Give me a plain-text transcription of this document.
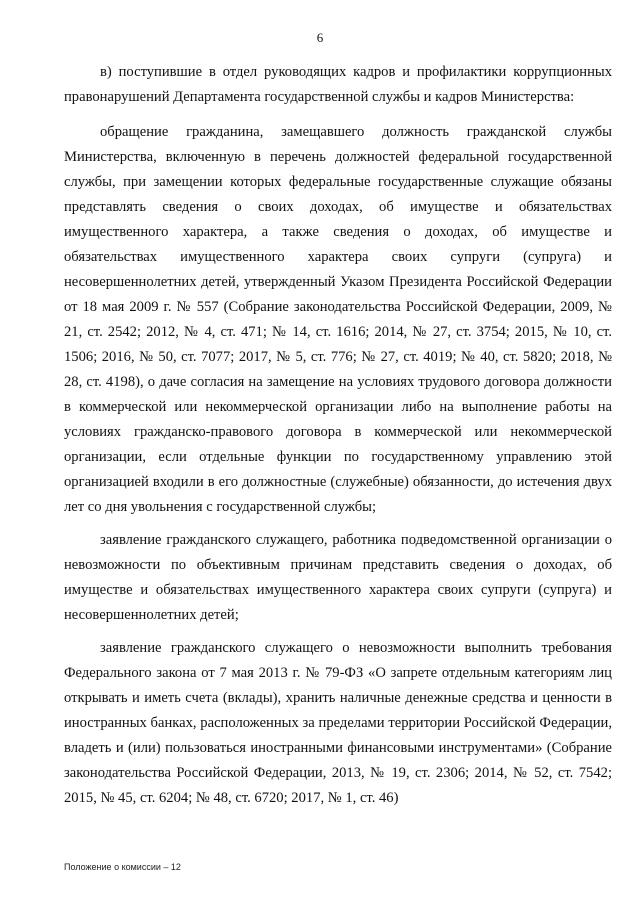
6

в) поступившие в отдел руководящих кадров и профилактики коррупционных правонарушений Департамента государственной службы и кадров Министерства:

обращение гражданина, замещавшего должность гражданской службы Министерства, включенную в перечень должностей федеральной государственной службы, при замещении которых федеральные государственные служащие обязаны представлять сведения о своих доходах, об имуществе и обязательствах имущественного характера, а также сведения о доходах, об имуществе и обязательствах имущественного характера своих супруги (супруга) и несовершеннолетних детей, утвержденный Указом Президента Российской Федерации от 18 мая 2009 г. № 557 (Собрание законодательства Российской Федерации, 2009, № 21, ст. 2542; 2012, № 4, ст. 471; № 14, ст. 1616; 2014, № 27, ст. 3754; 2015, № 10, ст. 1506; 2016, № 50, ст. 7077; 2017, № 5, ст. 776; № 27, ст. 4019; № 40, ст. 5820; 2018, № 28, ст. 4198), о даче согласия на замещение на условиях трудового договора должности в коммерческой или некоммерческой организации либо на выполнение работы на условиях гражданско-правового договора в коммерческой или некоммерческой организации, если отдельные функции по государственному управлению этой организацией входили в его должностные (служебные) обязанности, до истечения двух лет со дня увольнения с государственной службы;

заявление гражданского служащего, работника подведомственной организации о невозможности по объективным причинам представить сведения о доходах, об имуществе и обязательствах имущественного характера своих супруги (супруга) и несовершеннолетних детей;

заявление гражданского служащего о невозможности выполнить требования Федерального закона от 7 мая 2013 г. № 79-ФЗ «О запрете отдельным категориям лиц открывать и иметь счета (вклады), хранить наличные денежные средства и ценности в иностранных банках, расположенных за пределами территории Российской Федерации, владеть и (или) пользоваться иностранными финансовыми инструментами» (Собрание законодательства Российской Федерации, 2013, № 19, ст. 2306; 2014, № 52, ст. 7542; 2015, № 45, ст. 6204; № 48, ст. 6720; 2017, № 1, ст. 46)

Положение о комиссии – 12
